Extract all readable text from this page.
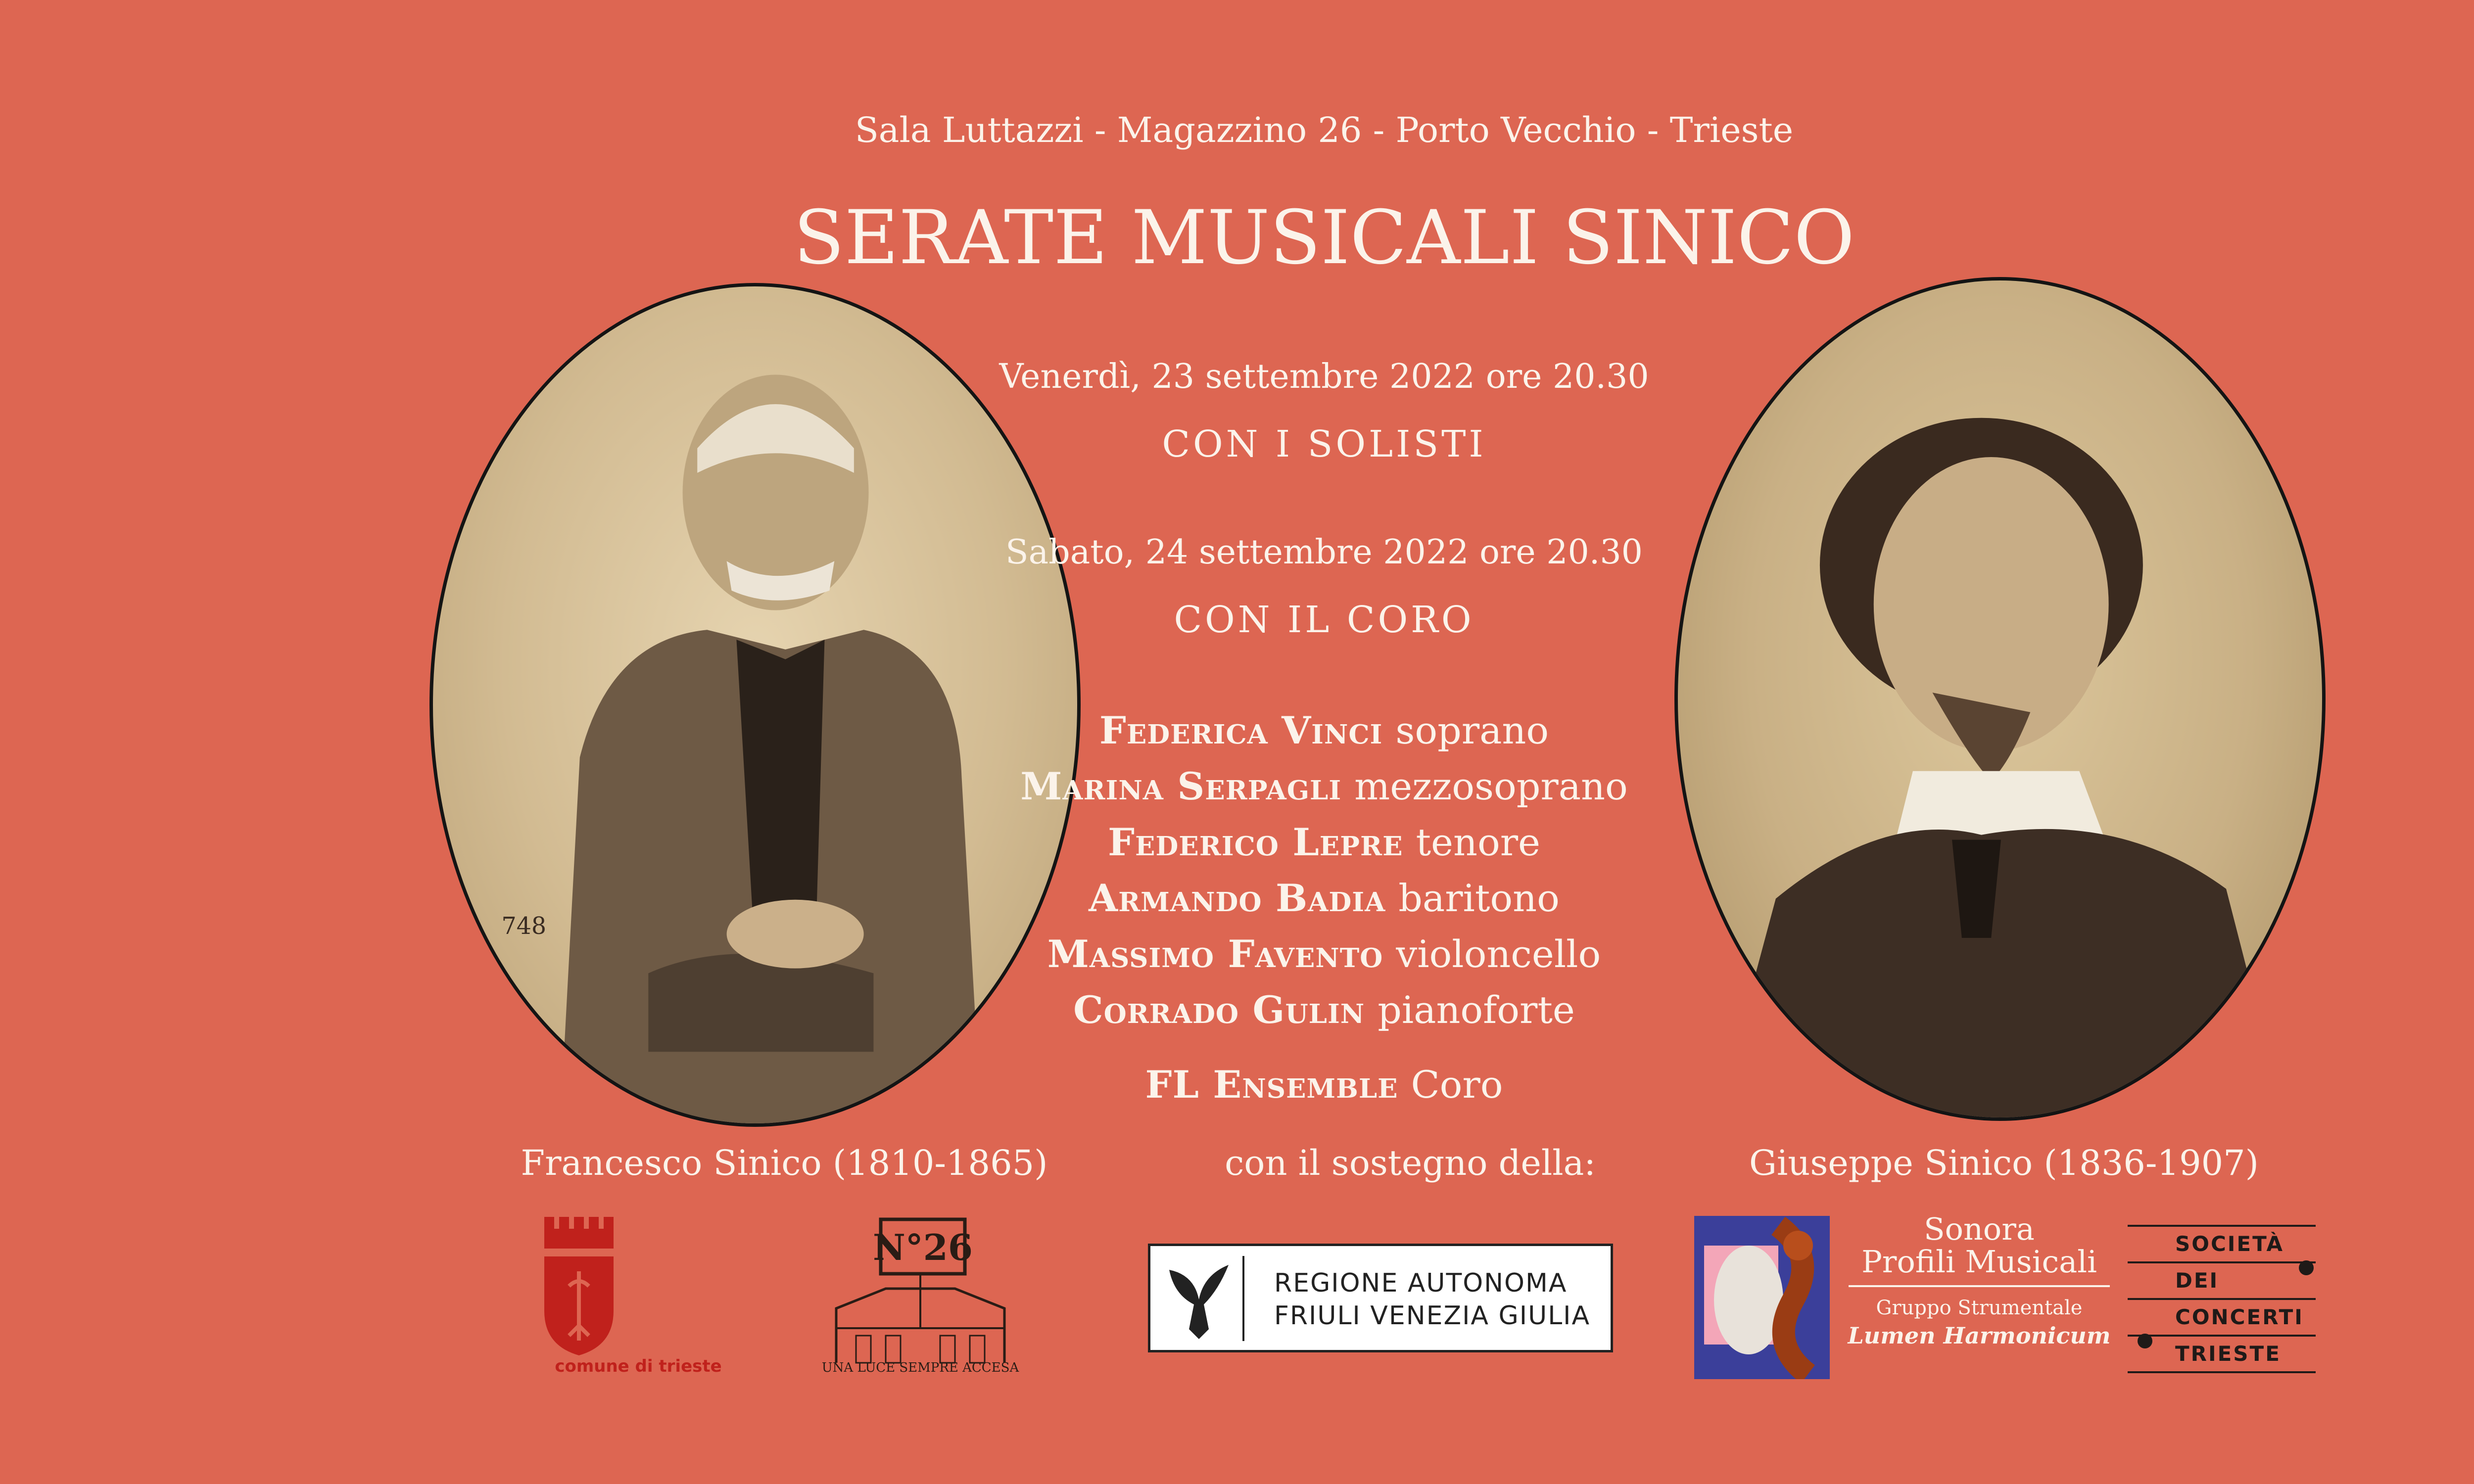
Sala Luttazzi - Magazzino 26 - Porto Vecchio - Trieste
SERATE MUSICALI SINICO
748
Venerdì, 23 settembre 2022 ore 20.30
CON I SOLISTI
Sabato, 24 settembre 2022 ore 20.30
CON IL CORO
Federica Vinci soprano
Marina Serpagli mezzosoprano
Federico Lepre tenore
Armando Badia baritono
Massimo Favento violoncello
Corrado Gulin pianoforte
FL Ensemble Coro
Francesco Sinico (1810-1865)	con il sostegno della:	Giuseppe Sinico (1836-1907)
comune di trieste
N°26
UNA LUCE SEMPRE ACCESA
REGIONE AUTONOMA
FRIULI VENEZIA GIULIA
Sonora
Profili Musicali
Gruppo Strumentale
Lumen Harmonicum
SOCIETÀ
DEI
CONCERTI
TRIESTE
